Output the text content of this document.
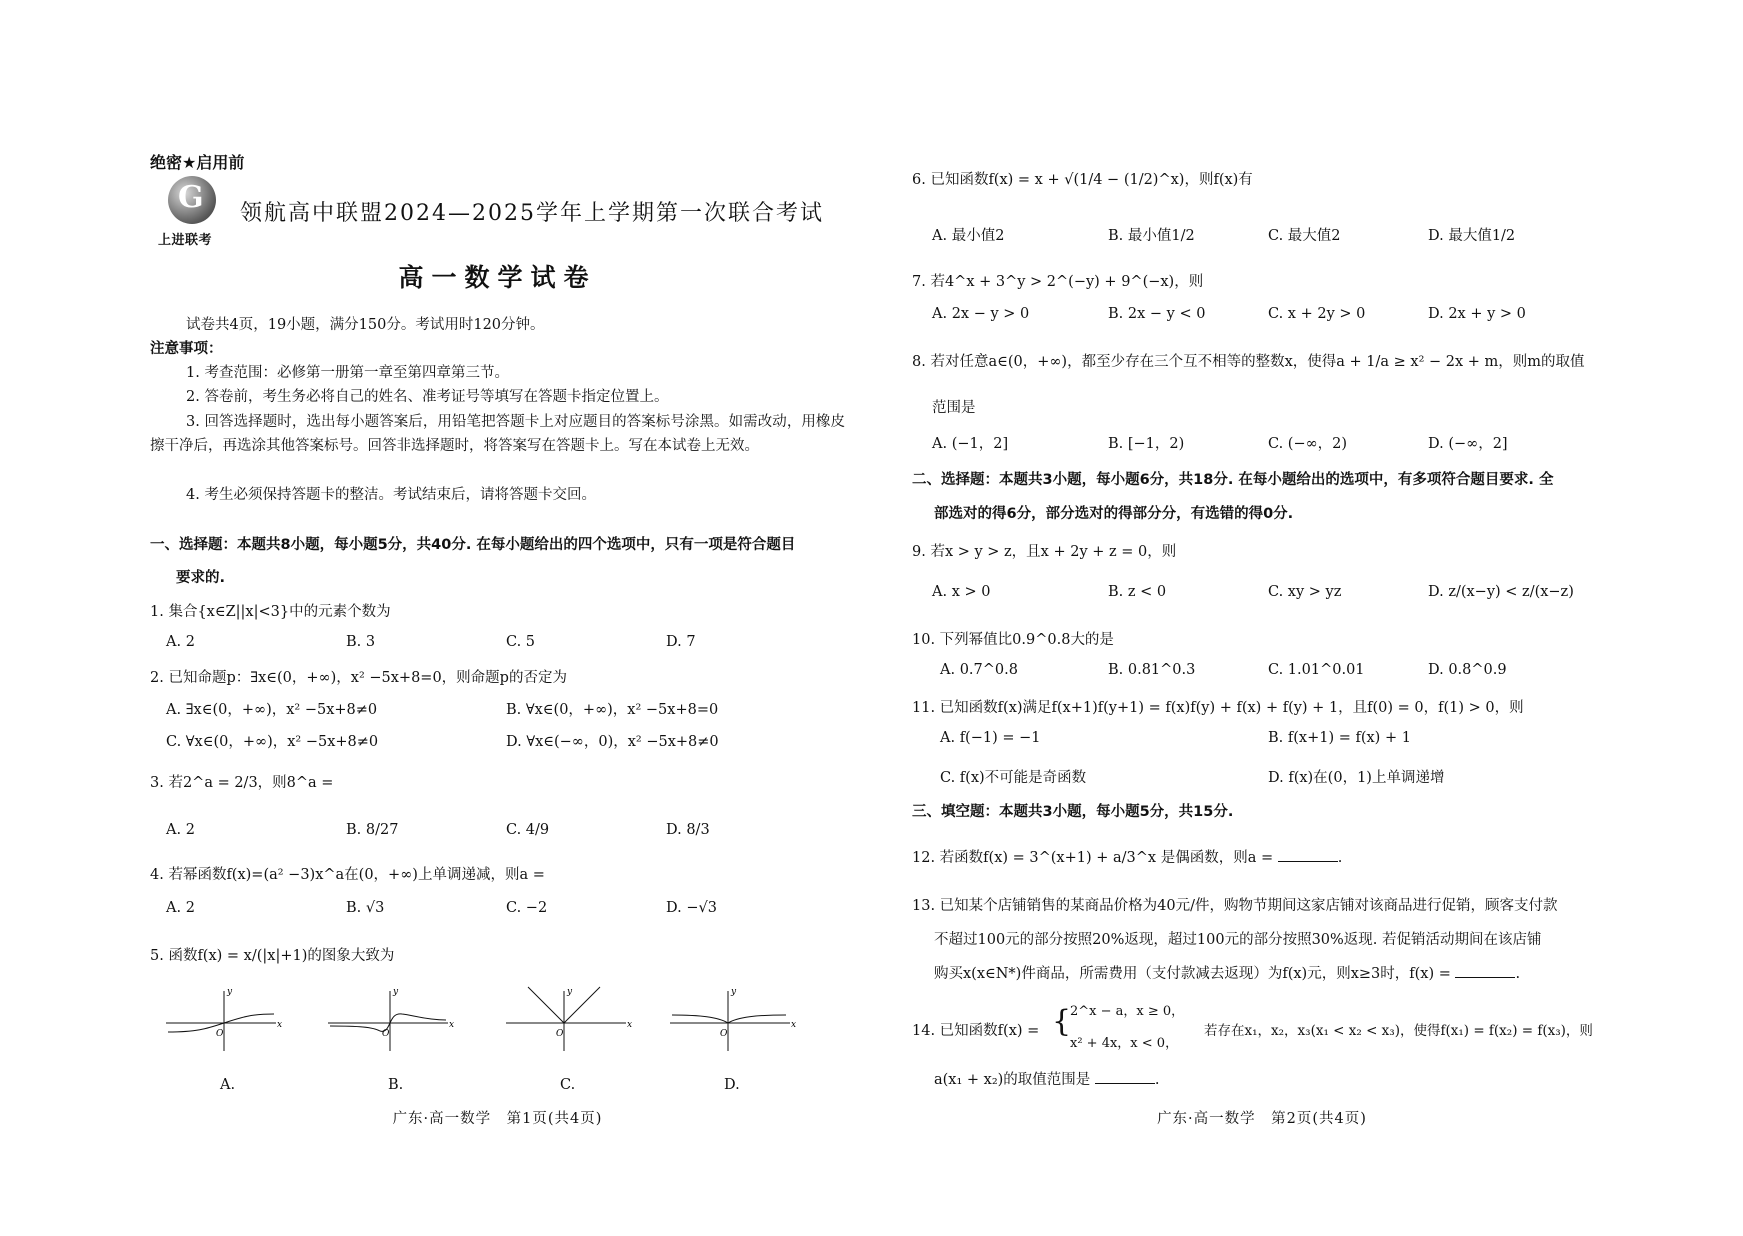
绝密★启用前
G
上进联考
领航高中联盟2024—2025学年上学期第一次联合考试
高一数学试卷
试卷共4页，19小题，满分150分。考试用时120分钟。
注意事项：
1. 考查范围：必修第一册第一章至第四章第三节。
2. 答卷前，考生务必将自己的姓名、准考证号等填写在答题卡指定位置上。
3. 回答选择题时，选出每小题答案后，用铅笔把答题卡上对应题目的答案标号涂黑。如需改动，用橡皮擦干净后，再选涂其他答案标号。回答非选择题时，将答案写在答题卡上。写在本试卷上无效。
4. 考生必须保持答题卡的整洁。考试结束后，请将答题卡交回。
一、选择题：本题共8小题，每小题5分，共40分. 在每小题给出的四个选项中，只有一项是符合题目
要求的.
1. 集合{x∈Z||x|<3}中的元素个数为
A. 2	B. 3	C. 5	D. 7
2. 已知命题p：∃x∈(0，+∞)，x² −5x+8=0，则命题p的否定为
A. ∃x∈(0，+∞)，x² −5x+8≠0	B. ∀x∈(0，+∞)，x² −5x+8=0
C. ∀x∈(0，+∞)，x² −5x+8≠0	D. ∀x∈(−∞，0)，x² −5x+8≠0
3. 若2^a = 2/3，则8^a =
A. 2	B. 8/27	C. 4/9	D. 8/3
4. 若幂函数f(x)=(a² −3)x^a在(0，+∞)上单调递减，则a =
A. 2	B. √3	C. −2	D. −√3
5. 函数f(x) = x/(|x|+1)的图象大致为
x
y
O
A.
x
y
O
B.
x
y
O
C.
x
y
O
D.
广东·高一数学　第1页(共4页)
6. 已知函数f(x) = x + √(1/4 − (1/2)^x)，则f(x)有
A. 最小值2	B. 最小值1/2	C. 最大值2	D. 最大值1/2
7. 若4^x + 3^y > 2^(−y) + 9^(−x)，则
A. 2x − y > 0	B. 2x − y < 0	C. x + 2y > 0	D. 2x + y > 0
8. 若对任意a∈(0，+∞)，都至少存在三个互不相等的整数x，使得a + 1/a ≥ x² − 2x + m，则m的取值
范围是
A. (−1，2]	B. [−1，2)	C. (−∞，2)	D. (−∞，2]
二、选择题：本题共3小题，每小题6分，共18分. 在每小题给出的选项中，有多项符合题目要求. 全
部选对的得6分，部分选对的得部分分，有选错的得0分.
9. 若x > y > z，且x + 2y + z = 0，则
A. x > 0	B. z < 0	C. xy > yz	D. z/(x−y) < z/(x−z)
10. 下列幂值比0.9^0.8大的是
A. 0.7^0.8	B. 0.81^0.3	C. 1.01^0.01	D. 0.8^0.9
11. 已知函数f(x)满足f(x+1)f(y+1) = f(x)f(y) + f(x) + f(y) + 1，且f(0) = 0，f(1) > 0，则
A. f(−1) = −1	B. f(x+1) = f(x) + 1
C. f(x)不可能是奇函数	D. f(x)在(0，1)上单调递增
三、填空题：本题共3小题，每小题5分，共15分.
12. 若函数f(x) = 3^(x+1) + a/3^x 是偶函数，则a =	.
13. 已知某个店铺销售的某商品价格为40元/件，购物节期间这家店铺对该商品进行促销，顾客支付款
不超过100元的部分按照20%返现，超过100元的部分按照30%返现. 若促销活动期间在该店铺
购买x(x∈N*)件商品，所需费用（支付款减去返现）为f(x)元，则x≥3时，f(x) =	.
14. 已知函数f(x) = {
2^x − a，x ≥ 0，
x² + 4x，x < 0，
若存在x₁，x₂，x₃(x₁ < x₂ < x₃)，使得f(x₁) = f(x₂) = f(x₃)，则
a(x₁ + x₂)的取值范围是	.
广东·高一数学　第2页(共4页)
